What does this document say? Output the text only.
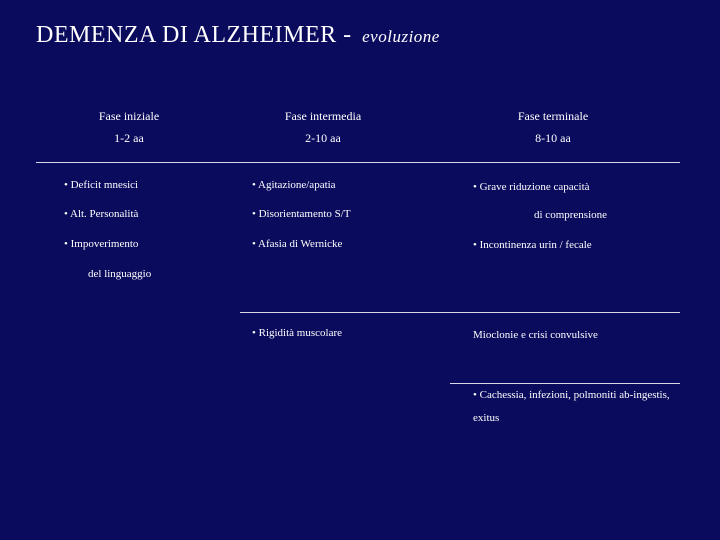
DEMENZA DI ALZHEIMER - evoluzione
Fase iniziale
1-2 aa
Fase intermedia
2-10 aa
Fase terminale
8-10 aa
• Deficit mnesici
• Alt. Personalità
• Impoverimento
del linguaggio
• Agitazione/apatia
• Disorientamento S/T
• Afasia di Wernicke
• Rigidità muscolare
• Grave riduzione capacità
di comprensione
• Incontinenza urin / fecale
Mioclonie e crisi convulsive
• Cachessia, infezioni, polmoniti ab-ingestis,
exitus
